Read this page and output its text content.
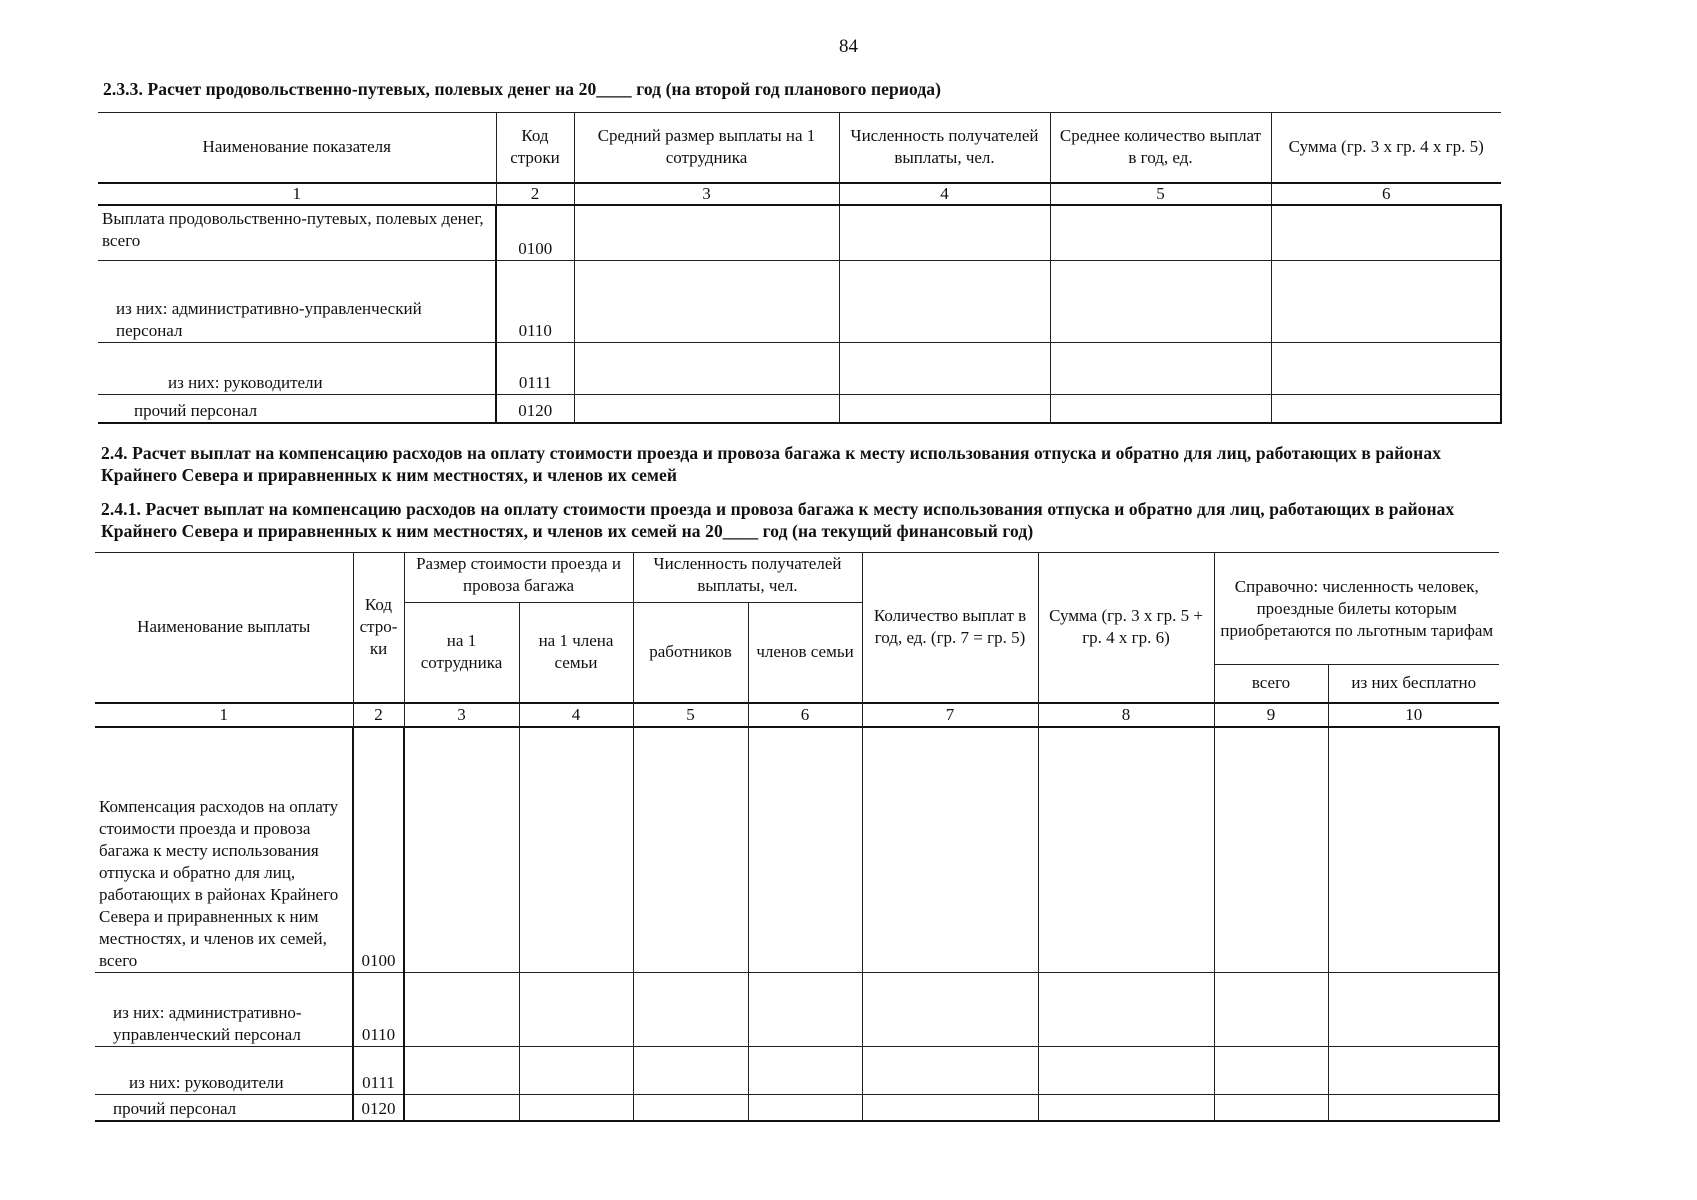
84
2.3.3. Расчет продовольственно-путевых, полевых денег на 20____ год (на второй год планового периода)
Наименование показателя	Код строки	Средний размер выплаты на 1 сотрудника	Численность получателей выплаты, чел.	Среднее количество выплат в год, ед.	Сумма (гр. 3 х гр. 4 х гр. 5)
1	2	3	4	5	6
Выплата продовольственно-путевых, полевых денег, всего	0100				
из них: административно-управленческий персонал	0110				
из них: руководители	0111				
прочий персонал	0120				
2.4. Расчет выплат на компенсацию расходов на оплату стоимости проезда и провоза багажа к месту использования отпуска и обратно для лиц, работающих в районах Крайнего Севера и приравненных к ним местностях, и членов их семей
2.4.1. Расчет выплат на компенсацию расходов на оплату стоимости проезда и провоза багажа к месту использования отпуска и обратно для лиц, работающих в районах Крайнего Севера и приравненных к ним местностях, и членов их семей на 20____ год (на текущий финансовый год)
Наименование выплаты	Код стро- ки	Размер стоимости проезда и провоза багажа		Численность получателей выплаты, чел.		Количество выплат в год, ед. (гр. 7 = гр. 5)	Сумма (гр. 3 х гр. 5 + гр. 4 х гр. 6)	Справочно: численность человек, проездные билеты которым приобретаются по льготным тарифам	
		на 1 сотрудника	на 1 члена семьи	работников	членов семьи				
								всего	из них бесплатно
1	2	3	4	5	6	7	8	9	10
Компенсация расходов на оплату стоимости проезда и провоза багажа к месту использования отпуска и обратно для лиц, работающих в районах Крайнего Севера и приравненных к ним местностях, и членов их семей, всего	0100								
из них: административно-управленческий персонал	0110								
из них: руководители	0111								
прочий персонал	0120								
